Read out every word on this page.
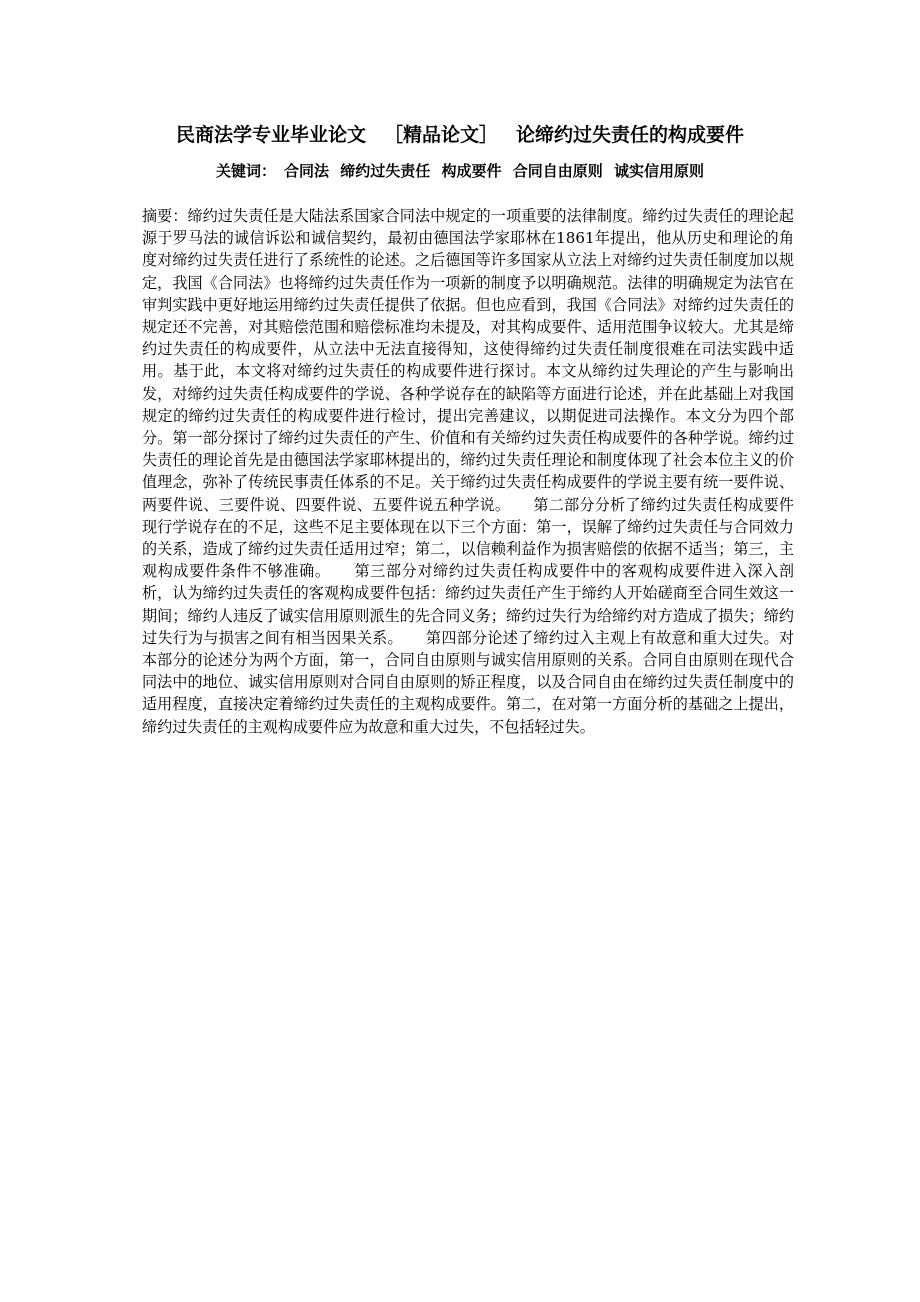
民商法学专业毕业论文 ［精品论文］ 论缔约过失责任的构成要件
关键词： 合同法 缔约过失责任 构成要件 合同自由原则 诚实信用原则

摘要：缔约过失责任是大陆法系国家合同法中规定的一项重要的法律制度。缔约过失责任的理论起源于罗马法的诚信诉讼和诚信契约，最初由德国法学家耶林在1861年提出，他从历史和理论的角度对缔约过失责任进行了系统性的论述。之后德国等许多国家从立法上对缔约过失责任制度加以规定，我国《合同法》也将缔约过失责任作为一项新的制度予以明确规范。法律的明确规定为法官在审判实践中更好地运用缔约过失责任提供了依据。但也应看到，我国《合同法》对缔约过失责任的规定还不完善，对其赔偿范围和赔偿标准均未提及，对其构成要件、适用范围争议较大。尤其是缔约过失责任的构成要件，从立法中无法直接得知，这使得缔约过失责任制度很难在司法实践中适用。基于此，本文将对缔约过失责任的构成要件进行探讨。本文从缔约过失理论的产生与影响出发，对缔约过失责任构成要件的学说、各种学说存在的缺陷等方面进行论述，并在此基础上对我国规定的缔约过失责任的构成要件进行检讨，提出完善建议，以期促进司法操作。本文分为四个部分。第一部分探讨了缔约过失责任的产生、价值和有关缔约过失责任构成要件的各种学说。缔约过失责任的理论首先是由德国法学家耶林提出的，缔约过失责任理论和制度体现了社会本位主义的价值理念，弥补了传统民事责任体系的不足。关于缔约过失责任构成要件的学说主要有统一要件说、两要件说、三要件说、四要件说、五要件说五种学说。　　第二部分分析了缔约过失责任构成要件现行学说存在的不足，这些不足主要体现在以下三个方面：第一，误解了缔约过失责任与合同效力的关系，造成了缔约过失责任适用过窄；第二，以信赖利益作为损害赔偿的依据不适当；第三，主观构成要件条件不够准确。　　第三部分对缔约过失责任构成要件中的客观构成要件进入深入剖析，认为缔约过失责任的客观构成要件包括：缔约过失责任产生于缔约人开始磋商至合同生效这一期间；缔约人违反了诚实信用原则派生的先合同义务；缔约过失行为给缔约对方造成了损失；缔约过失行为与损害之间有相当因果关系。　　第四部分论述了缔约过入主观上有故意和重大过失。对本部分的论述分为两个方面，第一，合同自由原则与诚实信用原则的关系。合同自由原则在现代合同法中的地位、诚实信用原则对合同自由原则的矫正程度，以及合同自由在缔约过失责任制度中的适用程度，直接决定着缔约过失责任的主观构成要件。第二，在对第一方面分析的基础之上提出，缔约过失责任的主观构成要件应为故意和重大过失，不包括轻过失。
